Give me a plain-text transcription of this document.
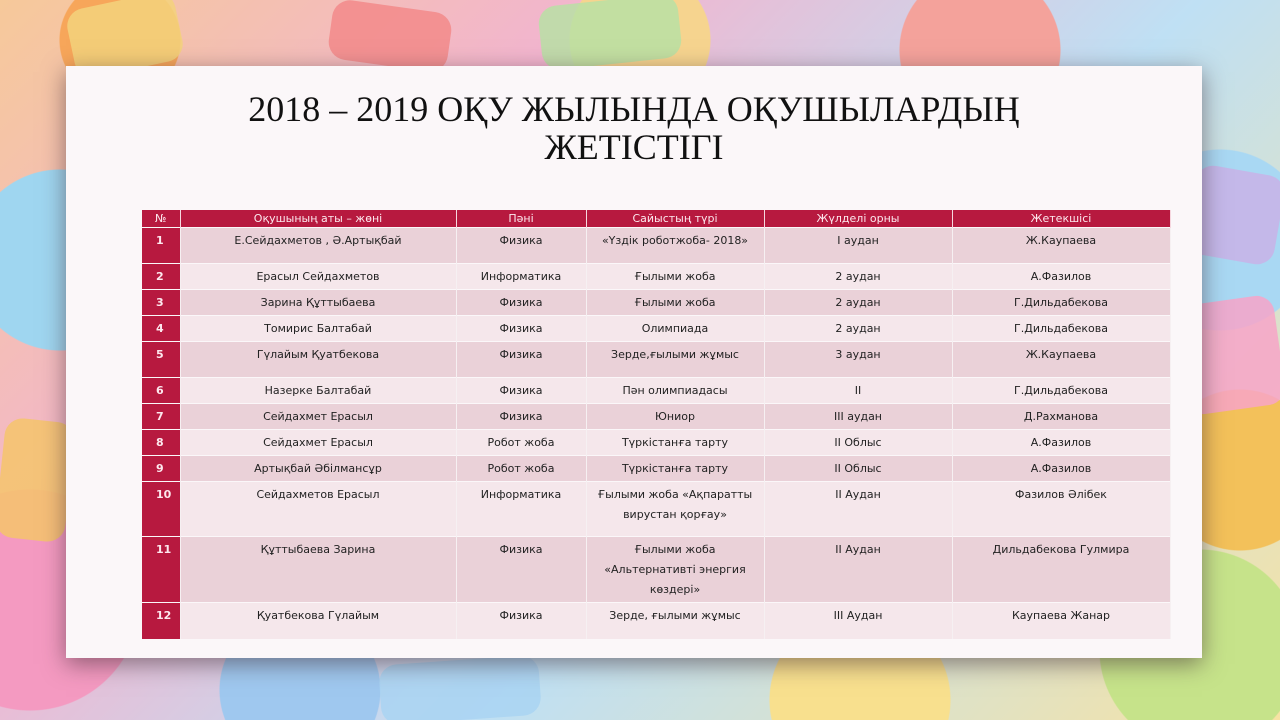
2018 – 2019 ОҚУ ЖЫЛЫНДА ОҚУШЫЛАРДЫҢ ЖЕТІСТІГІ
№	Оқушының аты – жөні	Пәні	Сайыстың түрі	Жүлделі орны	Жетекшісі
1	Е.Сейдахметов , Ә.Артықбай	Физика	«Үздік роботжоба- 2018»	І аудан	Ж.Каупаева
2	Ерасыл Сейдахметов	Информатика	Ғылыми жоба	2 аудан	А.Фазилов
3	Зарина Құттыбаева	Физика	Ғылыми жоба	2 аудан	Г.Дильдабекова
4	Томирис Балтабай	Физика	Олимпиада	2 аудан	Г.Дильдабекова
5	Гүлайым Қуатбекова	Физика	Зерде,ғылыми жұмыс	3 аудан	Ж.Каупаева
6	Назерке Балтабай	Физика	Пән олимпиадасы	ІІ	Г.Дильдабекова
7	Сейдахмет Ерасыл	Физика	Юниор	ІІІ аудан	Д.Рахманова
8	Сейдахмет Ерасыл	Робот жоба	Түркістанға тарту	ІІ Облыс	А.Фазилов
9	Артықбай Әбілмансұр	Робот жоба	Түркістанға тарту	ІІ Облыс	А.Фазилов
10	Сейдахметов Ерасыл	Информатика	Ғылыми жоба «Ақпаратты вирустан қорғау»	ІІ Аудан	Фазилов Әлібек
11	Құттыбаева Зарина	Физика	Ғылыми жоба «Альтернативті энергия көздері»	ІІ Аудан	Дильдабекова Гулмира
12	Қуатбекова Гүлайым	Физика	Зерде, ғылыми жұмыс	ІІІ Аудан	Каупаева Жанар
